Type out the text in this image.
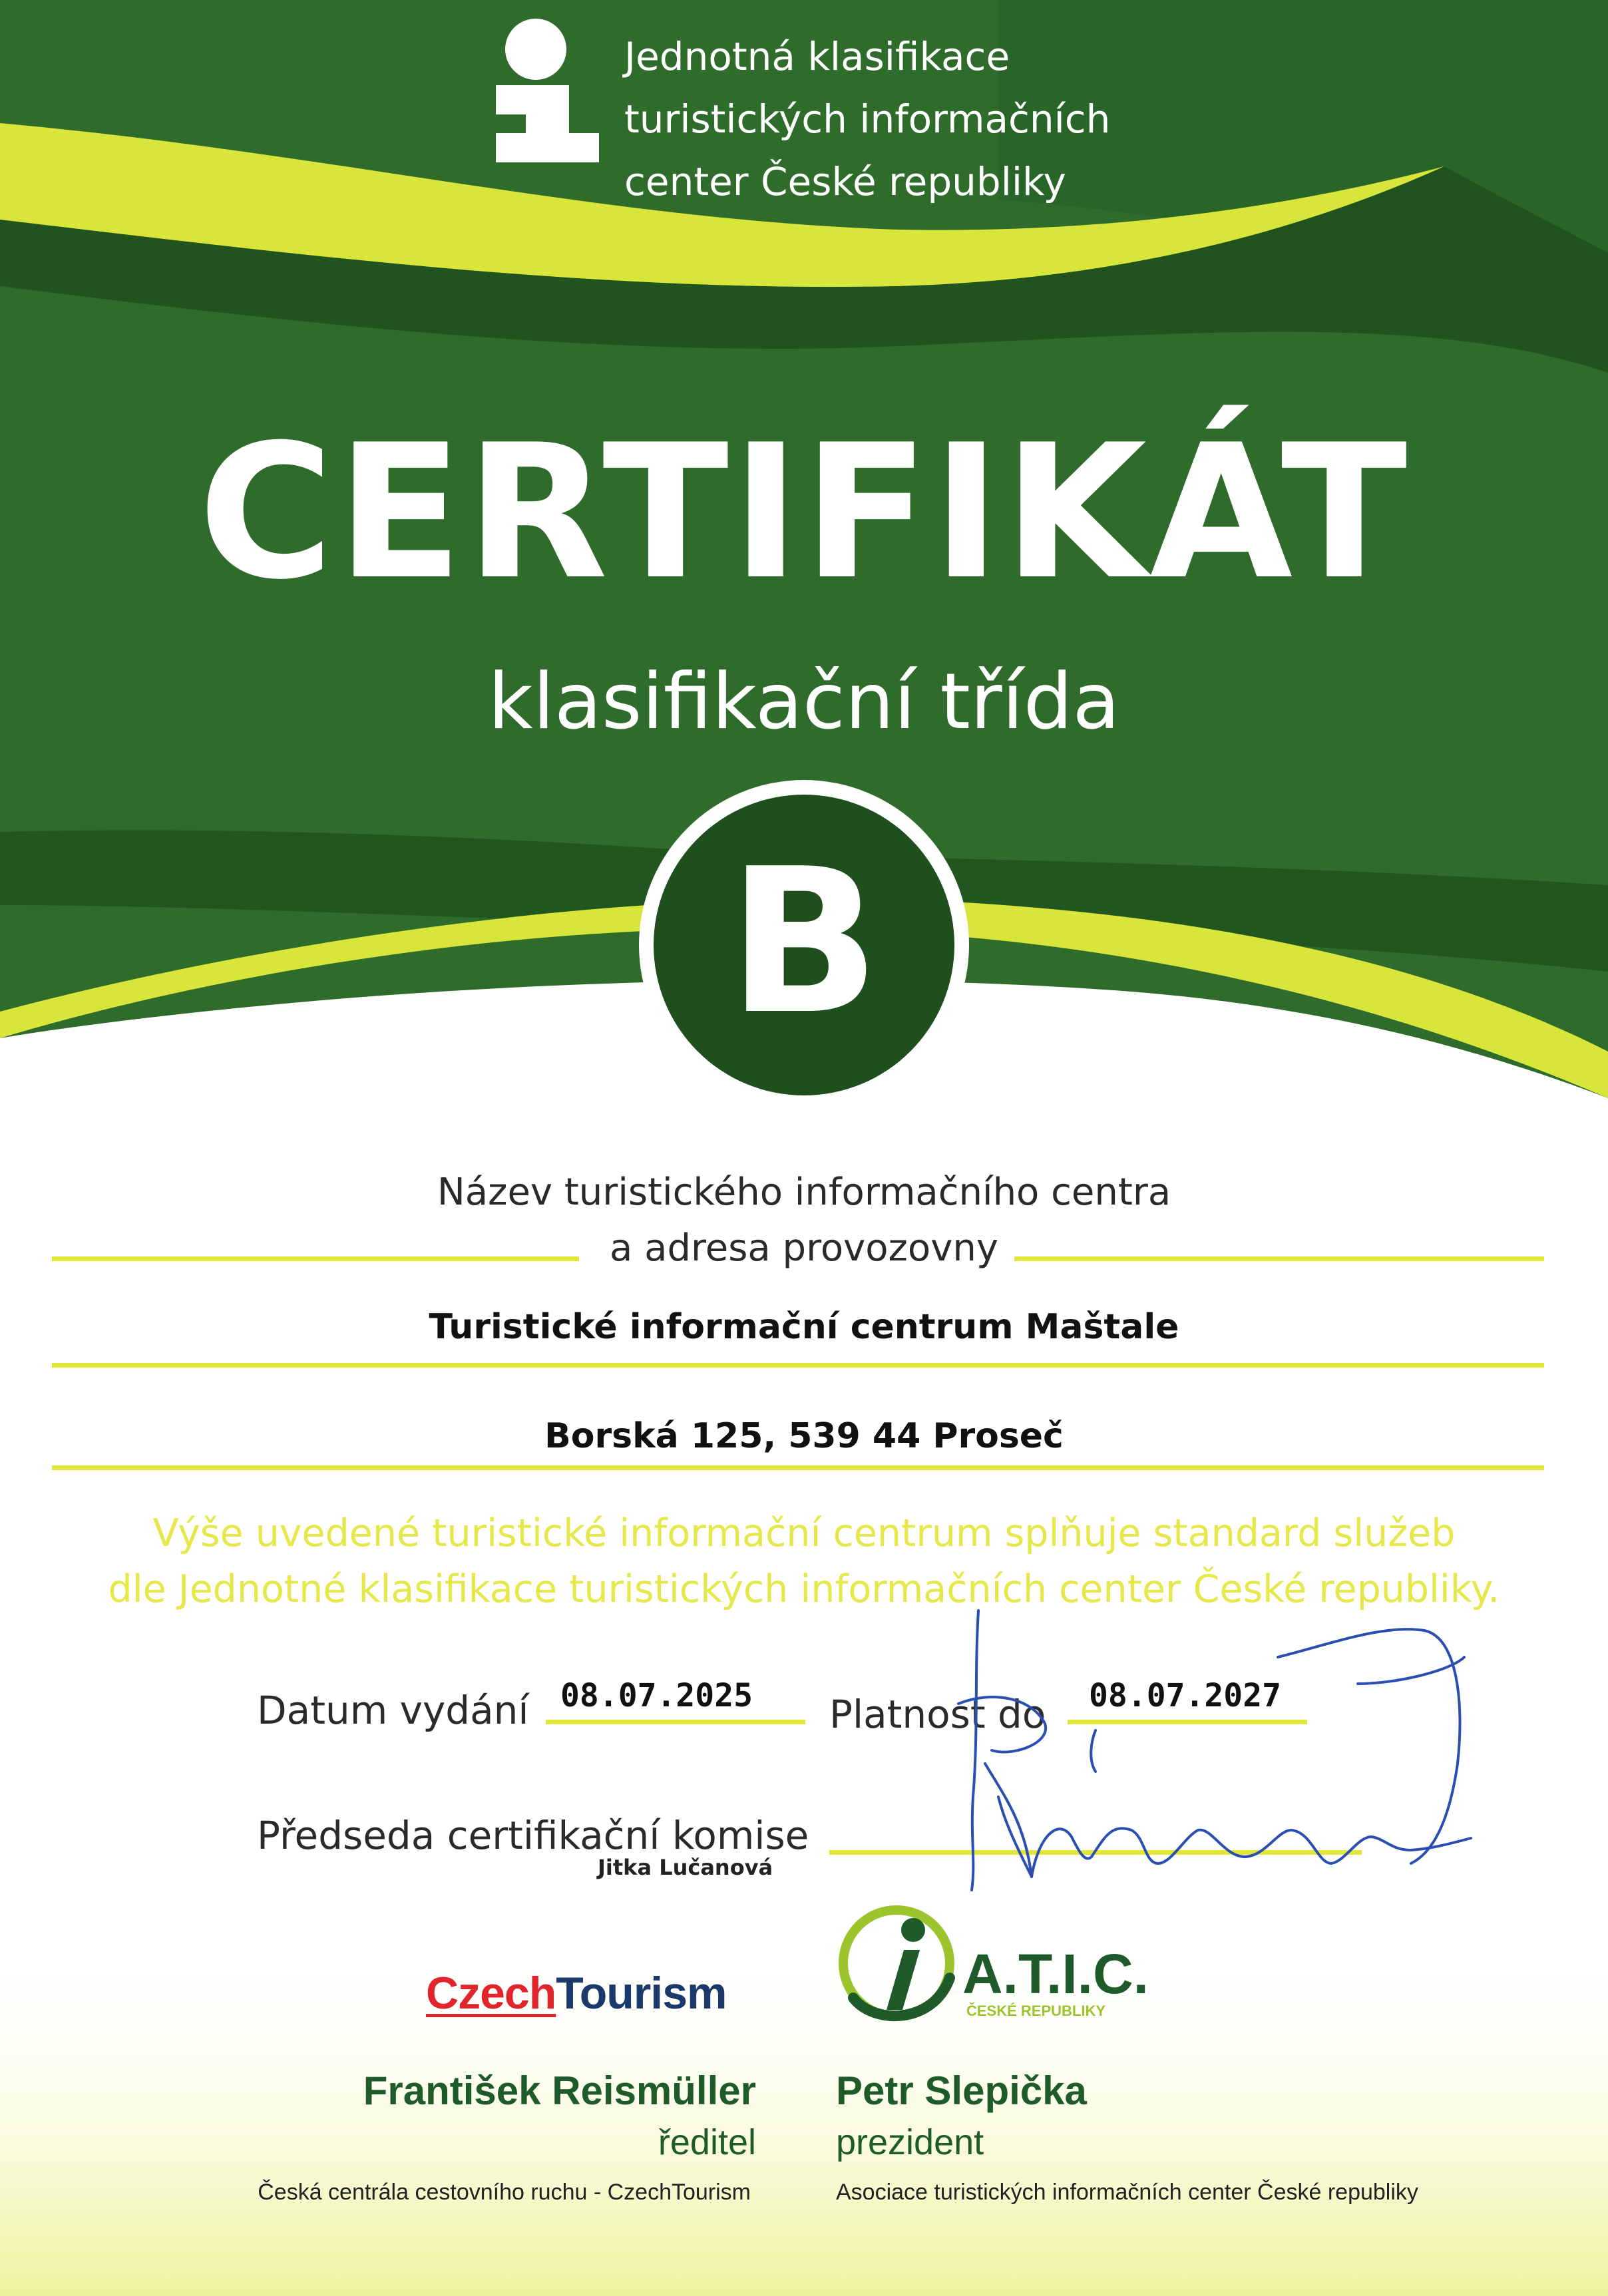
Jednotná klasifikace
turistických informačních
center České republiky
CERTIFIKÁT
klasifikační třída
B
Název turistického informačního centra
a adresa provozovny
Turistické informační centrum Maštale
Borská 125, 539 44 Proseč
Výše uvedené turistické informační centrum splňuje standard služeb
dle Jednotné klasifikace turistických informačních center České republiky.
Datum vydání 08.07.2025 Platnost do 08.07.2027
Předseda certifikační komise
Jitka Lučanová
CzechTourism	A.T.I.C.
ČESKÉ REPUBLIKY
František Reismüller
ředitel
Česká centrála cestovního ruchu - CzechTourism
Petr Slepička
prezident
Asociace turistických informačních center České republiky
